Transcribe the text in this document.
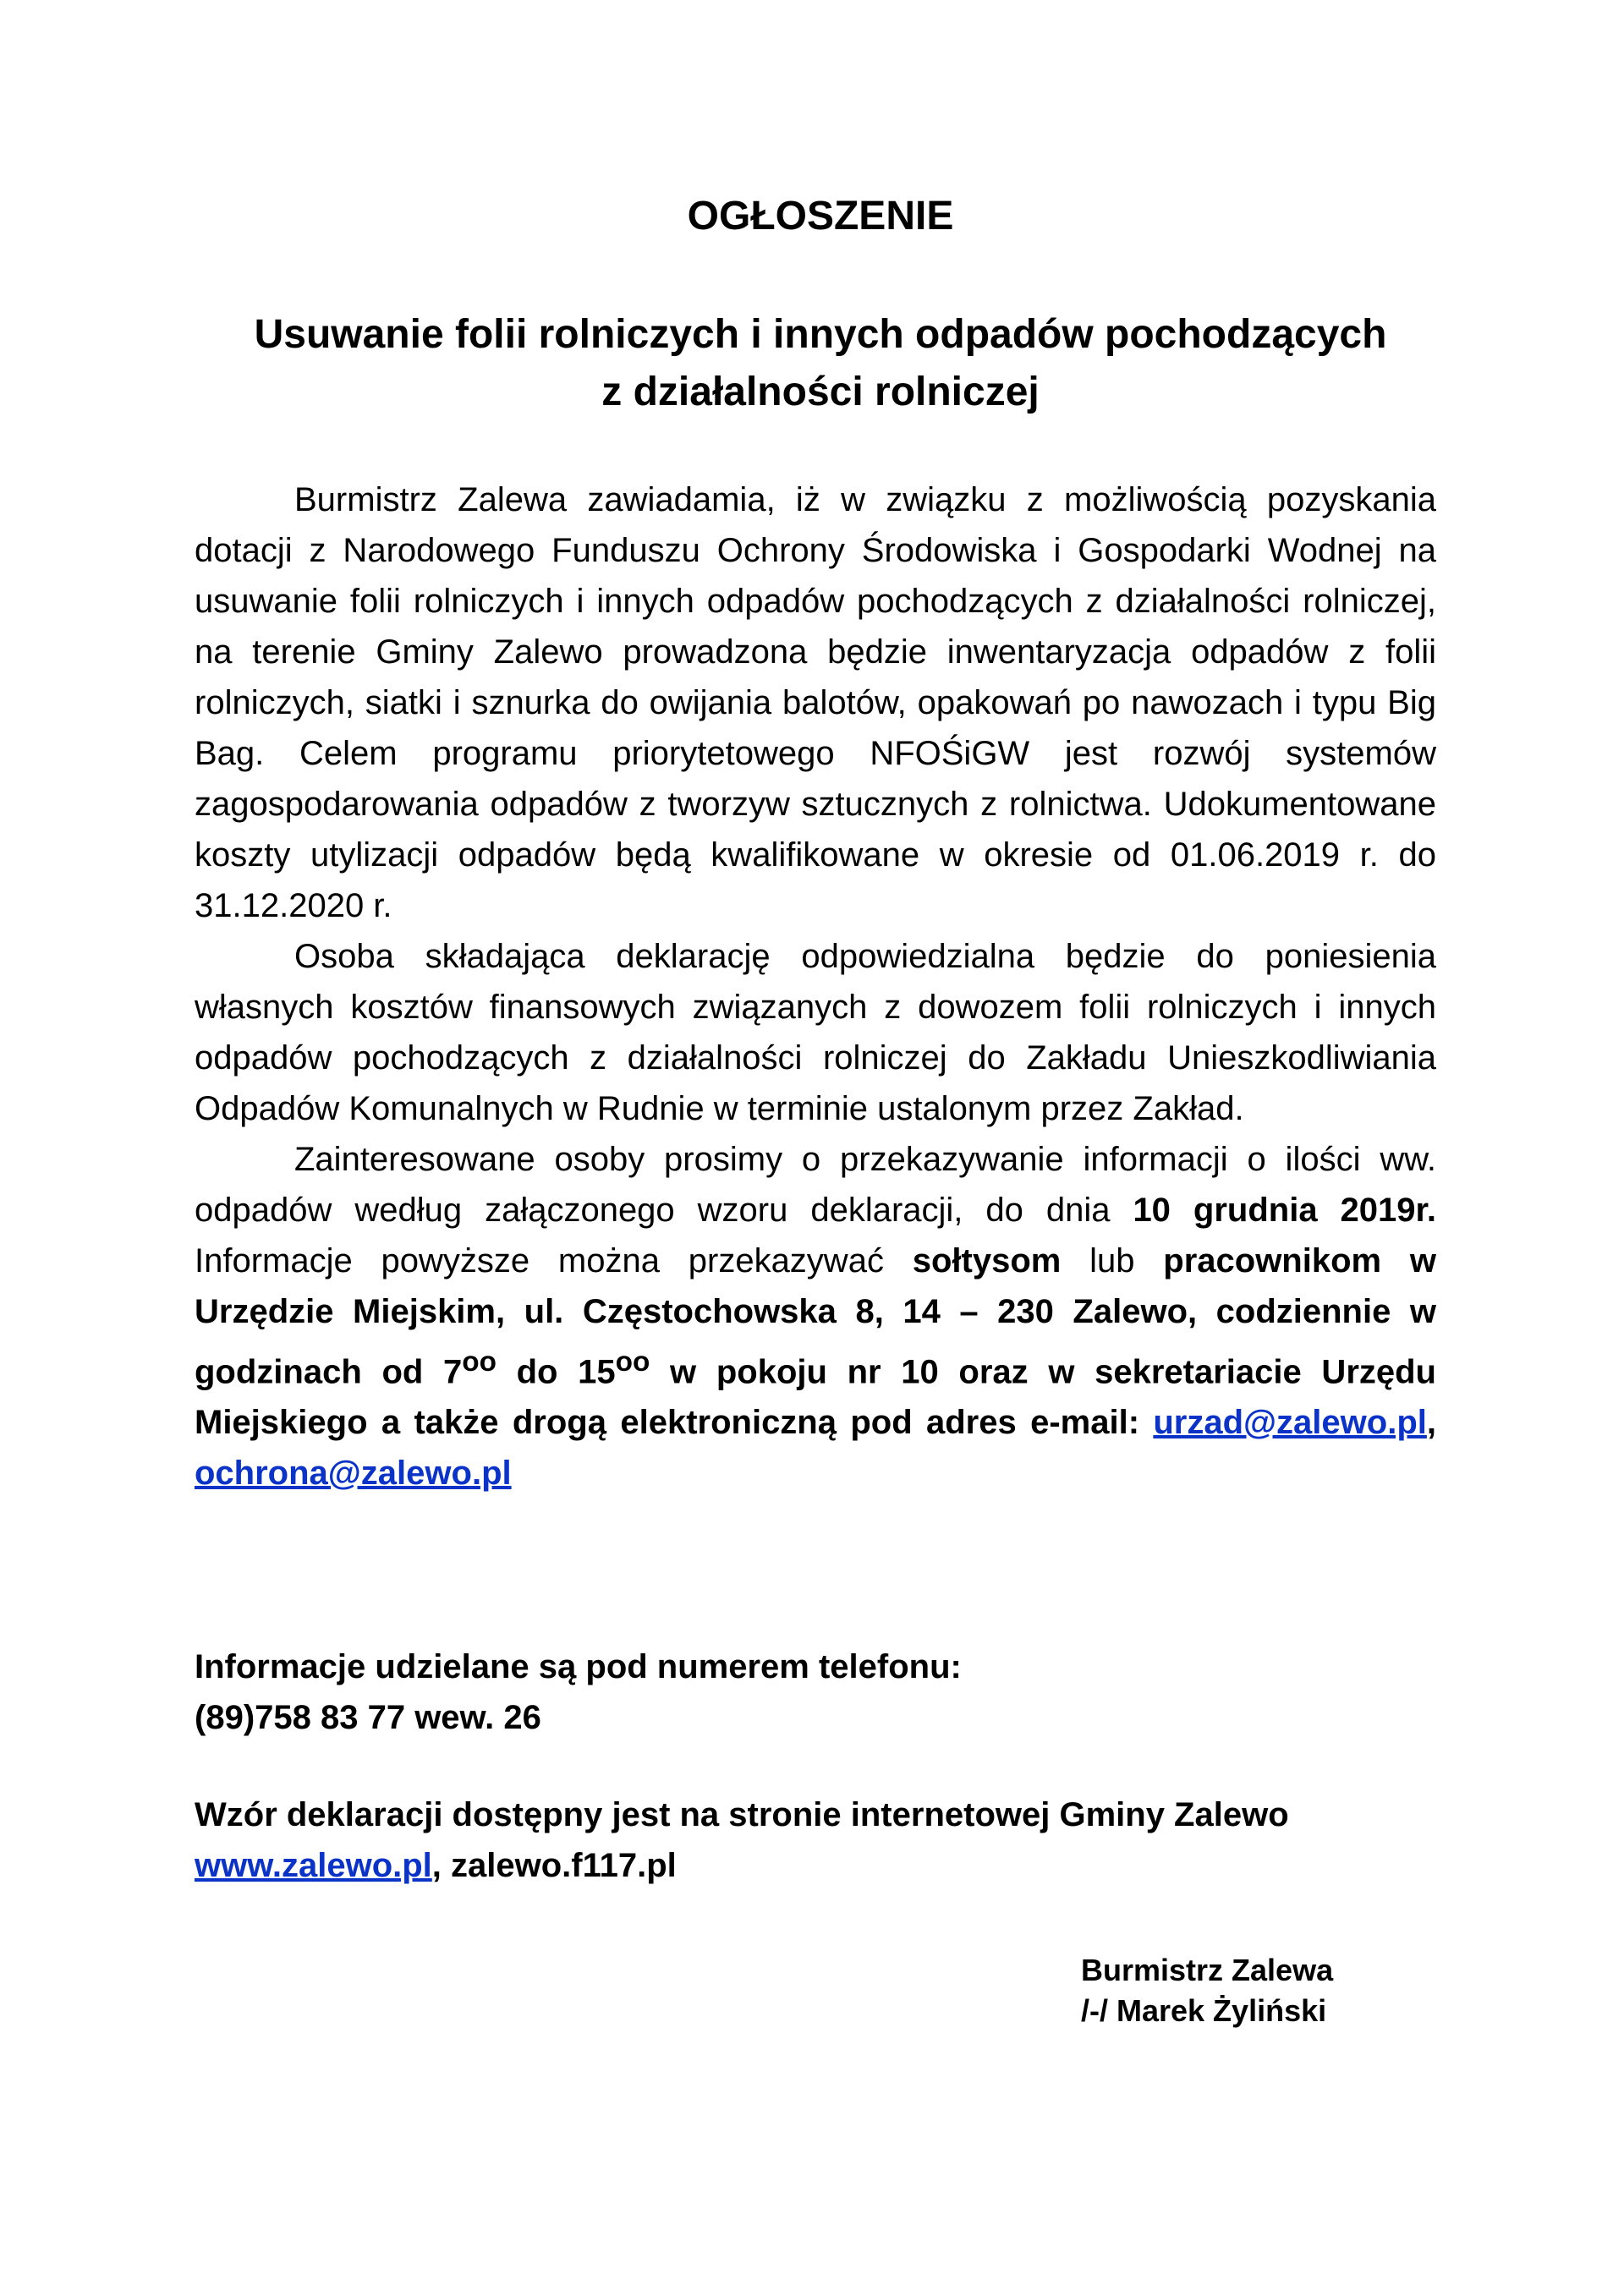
OGŁOSZENIE
Usuwanie folii rolniczych i innych odpadów pochodzących
z działalności rolniczej

Burmistrz Zalewa zawiadamia, iż w związku z możliwością pozyskania dotacji z Narodowego Funduszu Ochrony Środowiska i Gospodarki Wodnej na usuwanie folii rolniczych i innych odpadów pochodzących z działalności rolniczej, na terenie Gminy Zalewo prowadzona będzie inwentaryzacja odpadów z folii rolniczych, siatki i sznurka do owijania balotów, opakowań po nawozach i typu Big Bag. Celem programu priorytetowego NFOŚiGW jest rozwój systemów zagospodarowania odpadów z tworzyw sztucznych z rolnictwa. Udokumentowane koszty utylizacji odpadów będą kwalifikowane w okresie od 01.06.2019 r. do 31.12.2020 r.

Osoba składająca deklarację odpowiedzialna będzie do poniesienia własnych kosztów finansowych związanych z dowozem folii rolniczych i innych odpadów pochodzących z działalności rolniczej do Zakładu Unieszkodliwiania Odpadów Komunalnych w Rudnie w terminie ustalonym przez Zakład.

Zainteresowane osoby prosimy o przekazywanie informacji o ilości ww. odpadów według załączonego wzoru deklaracji, do dnia 10 grudnia 2019r. Informacje powyższe można przekazywać sołtysom lub pracownikom w Urzędzie Miejskim, ul. Częstochowska 8, 14 – 230 Zalewo, codziennie w godzinach od $7^{oo}$ do $15^{oo}$ w pokoju nr 10 oraz w sekretariacie Urzędu Miejskiego a także drogą elektroniczną pod adres e-mail: urzad@zalewo.pl, ochrona@zalewo.pl

Informacje udzielane są pod numerem telefonu:
(89)758 83 77 wew. 26
Wzór deklaracji dostępny jest na stronie internetowej Gminy Zalewo
www.zalewo.pl, zalewo.f117.pl
Burmistrz Zalewa
/-/ Marek Żyliński
